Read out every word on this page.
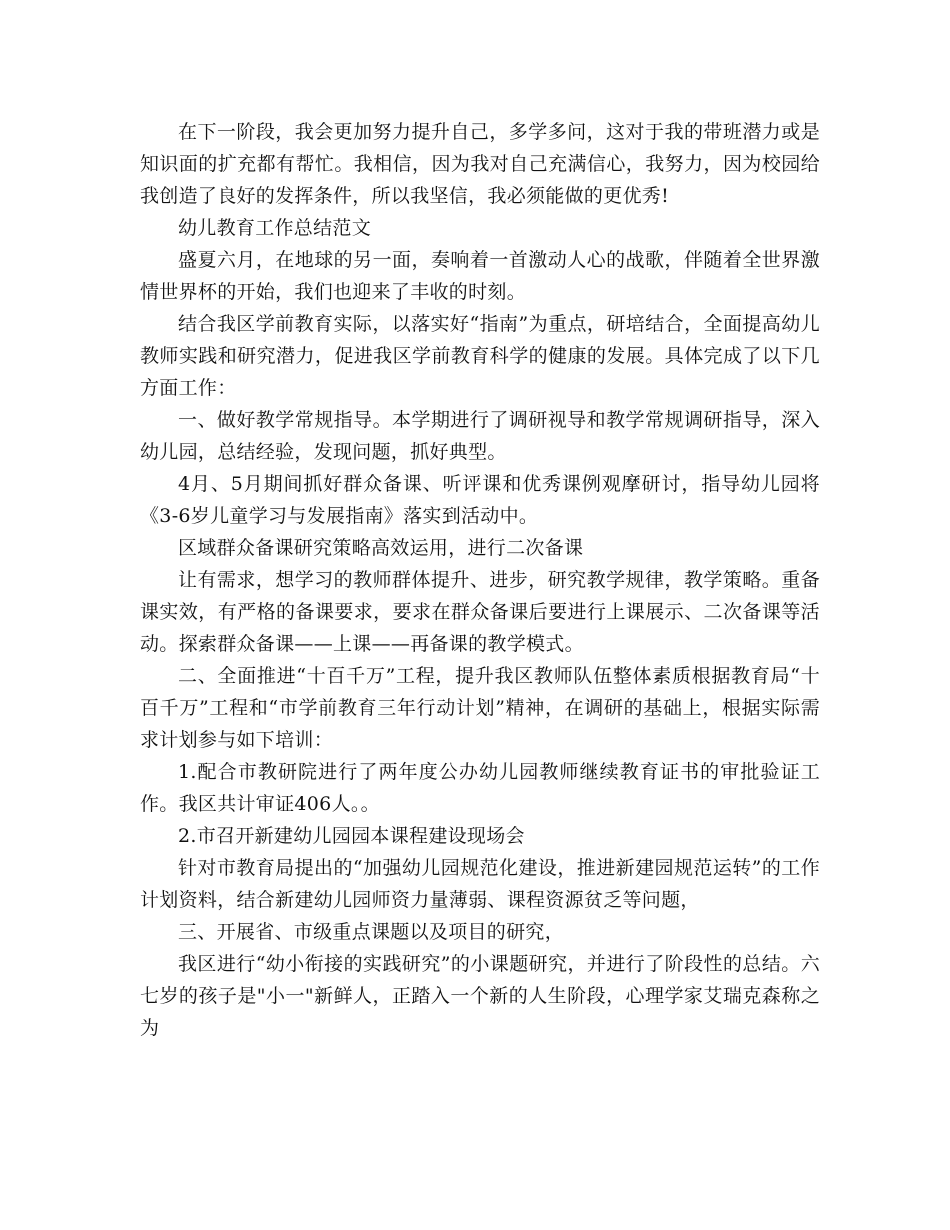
在下一阶段，我会更加努力提升自己，多学多问，这对于我的带班潜力或是知识面的扩充都有帮忙。我相信，因为我对自己充满信心，我努力，因为校园给我创造了良好的发挥条件，所以我坚信，我必须能做的更优秀!

幼儿教育工作总结范文

盛夏六月，在地球的另一面，奏响着一首激动人心的战歌，伴随着全世界激情世界杯的开始，我们也迎来了丰收的时刻。

结合我区学前教育实际，以落实好“指南”为重点，研培结合，全面提高幼儿教师实践和研究潜力，促进我区学前教育科学的健康的发展。具体完成了以下几方面工作：

一、做好教学常规指导。本学期进行了调研视导和教学常规调研指导，深入幼儿园，总结经验，发现问题，抓好典型。

4月、5月期间抓好群众备课、听评课和优秀课例观摩研讨，指导幼儿园将《3-6岁儿童学习与发展指南》落实到活动中。

区域群众备课研究策略高效运用，进行二次备课

让有需求，想学习的教师群体提升、进步，研究教学规律，教学策略。重备课实效，有严格的备课要求，要求在群众备课后要进行上课展示、二次备课等活动。探索群众备课——上课——再备课的教学模式。

二、全面推进“十百千万”工程，提升我区教师队伍整体素质根据教育局“十百千万”工程和“市学前教育三年行动计划”精神，在调研的基础上，根据实际需求计划参与如下培训：

1.配合市教研院进行了两年度公办幼儿园教师继续教育证书的审批验证工作。我区共计审证406人。。

2.市召开新建幼儿园园本课程建设现场会

针对市教育局提出的“加强幼儿园规范化建设，推进新建园规范运转”的工作计划资料，结合新建幼儿园师资力量薄弱、课程资源贫乏等问题，

三、开展省、市级重点课题以及项目的研究，

我区进行“幼小衔接的实践研究”的小课题研究，并进行了阶段性的总结。六七岁的孩子是"小一"新鲜人，正踏入一个新的人生阶段，心理学家艾瑞克森称之为
